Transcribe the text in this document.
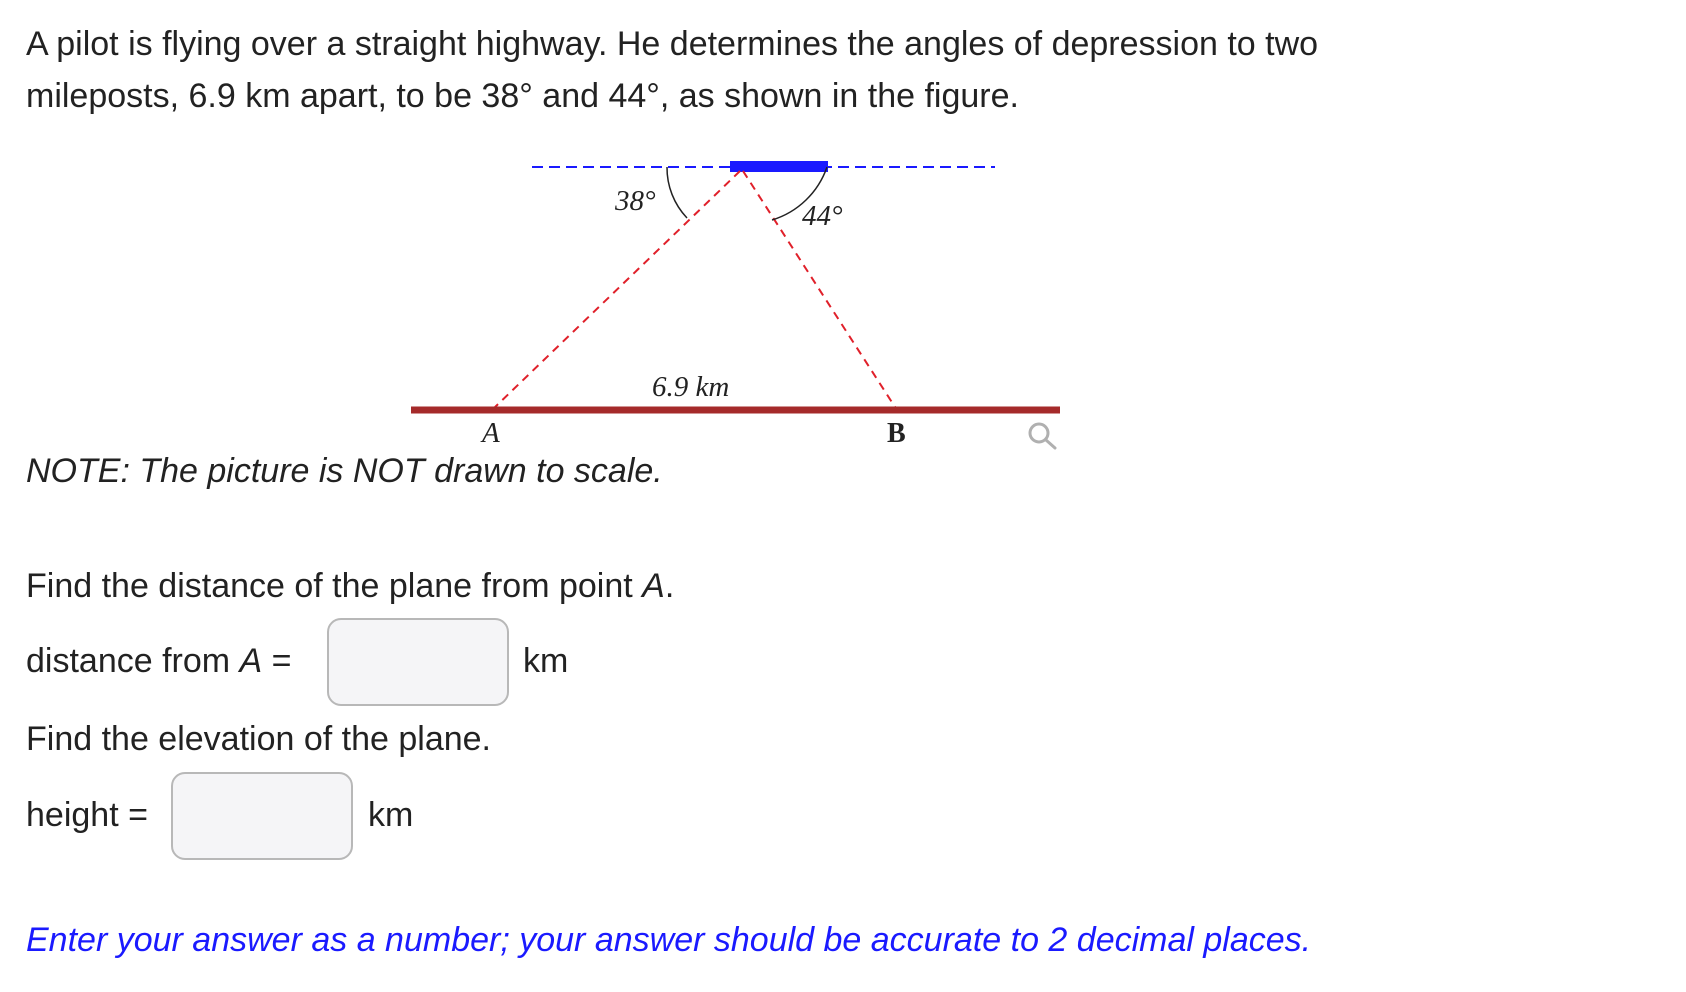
A pilot is flying over a straight highway. He determines the angles of depression to two
mileposts, 6.9 km apart, to be 38° and 44°, as shown in the figure.

38°	44°
6.9 km
A	B

NOTE: The picture is NOT drawn to scale.

Find the distance of the plane from point A.

distance from A =	km

Find the elevation of the plane.

height =	km

Enter your answer as a number; your answer should be accurate to 2 decimal places.
